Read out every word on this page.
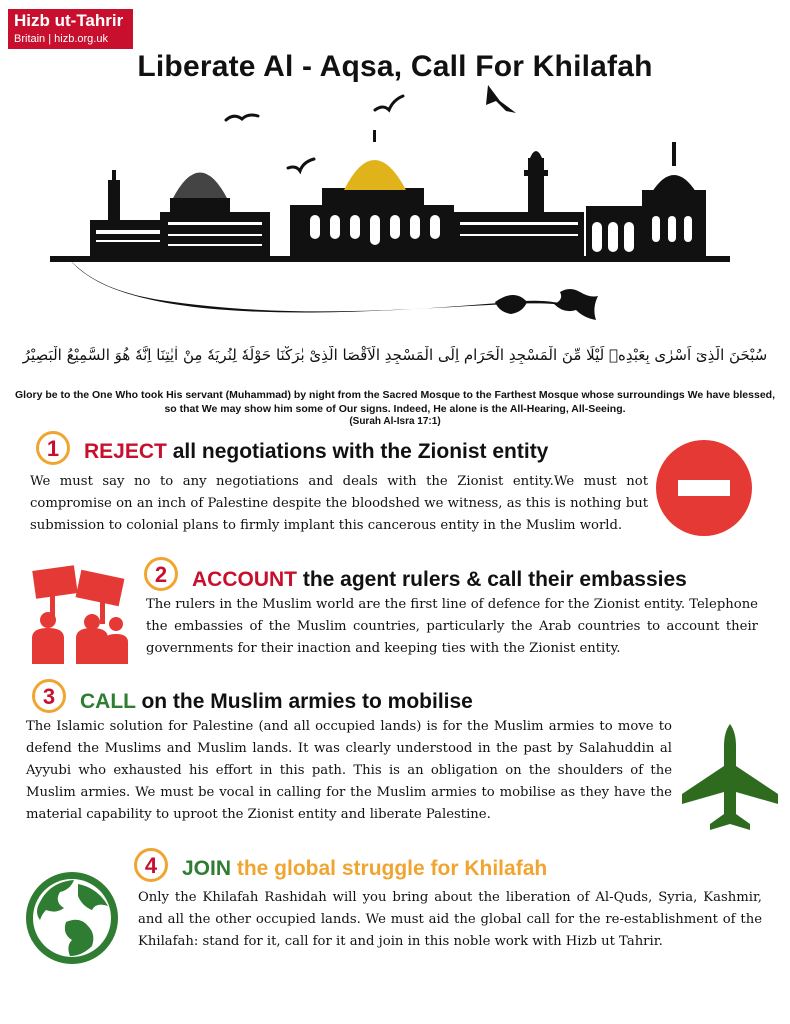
Hizb ut-Tahrir
Britain | hizb.org.uk
Liberate Al - Aqsa, Call For Khilafah
سُبْحَنَ الَّذِىٓ اَسْرٰى بِعَبْدِهٖ لَيْلًا مِّنَ الْمَسْجِدِ الْحَرَامِ اِلَى الْمَسْجِدِ الْاَقْصَا الَّذِىْ بٰرَكْنَا حَوْلَهٗ لِنُرِيَهٗ مِنْ اٰيٰتِنَا اِنَّهٗ هُوَ السَّمِيْعُ الْبَصِيْرُ
Glory be to the One Who took His servant (Muhammad) by night from the Sacred Mosque to the Farthest Mosque whose surroundings We have blessed, so that We may show him some of Our signs. Indeed, He alone is the All-Hearing, All-Seeing.
(Surah Al-Isra 17:1)
1	REJECT all negotiations with the Zionist entity
We must say no to any negotiations and deals with the Zionist entity.We must not compromise on an inch of Palestine despite the bloodshed we witness, as this is nothing but submission to colonial plans to firmly implant this cancerous entity in the Muslim world.
2	ACCOUNT the agent rulers & call their embassies
The rulers in the Muslim world are the first line of defence for the Zionist entity. Telephone the embassies of the Muslim countries, particularly the Arab countries to account their governments for their inaction and keeping ties with the Zionist entity.
3	CALL on the Muslim armies to mobilise
The Islamic solution for Palestine (and all occupied lands) is for the Muslim armies to move to defend the Muslims and Muslim lands. It was clearly understood in the past by Salahuddin al Ayyubi who exhausted his effort in this path. This is an obligation on the shoulders of the Muslim armies. We must be vocal in calling for the Muslim armies to mobilise as they have the material capability to uproot the Zionist entity and liberate Palestine.
4	JOIN the global struggle for Khilafah
Only the Khilafah Rashidah will you bring about the liberation of Al-Quds, Syria, Kashmir, and all the other occupied lands. We must aid the global call for the re-establishment of the Khilafah: stand for it, call for it and join in this noble work with Hizb ut Tahrir.
